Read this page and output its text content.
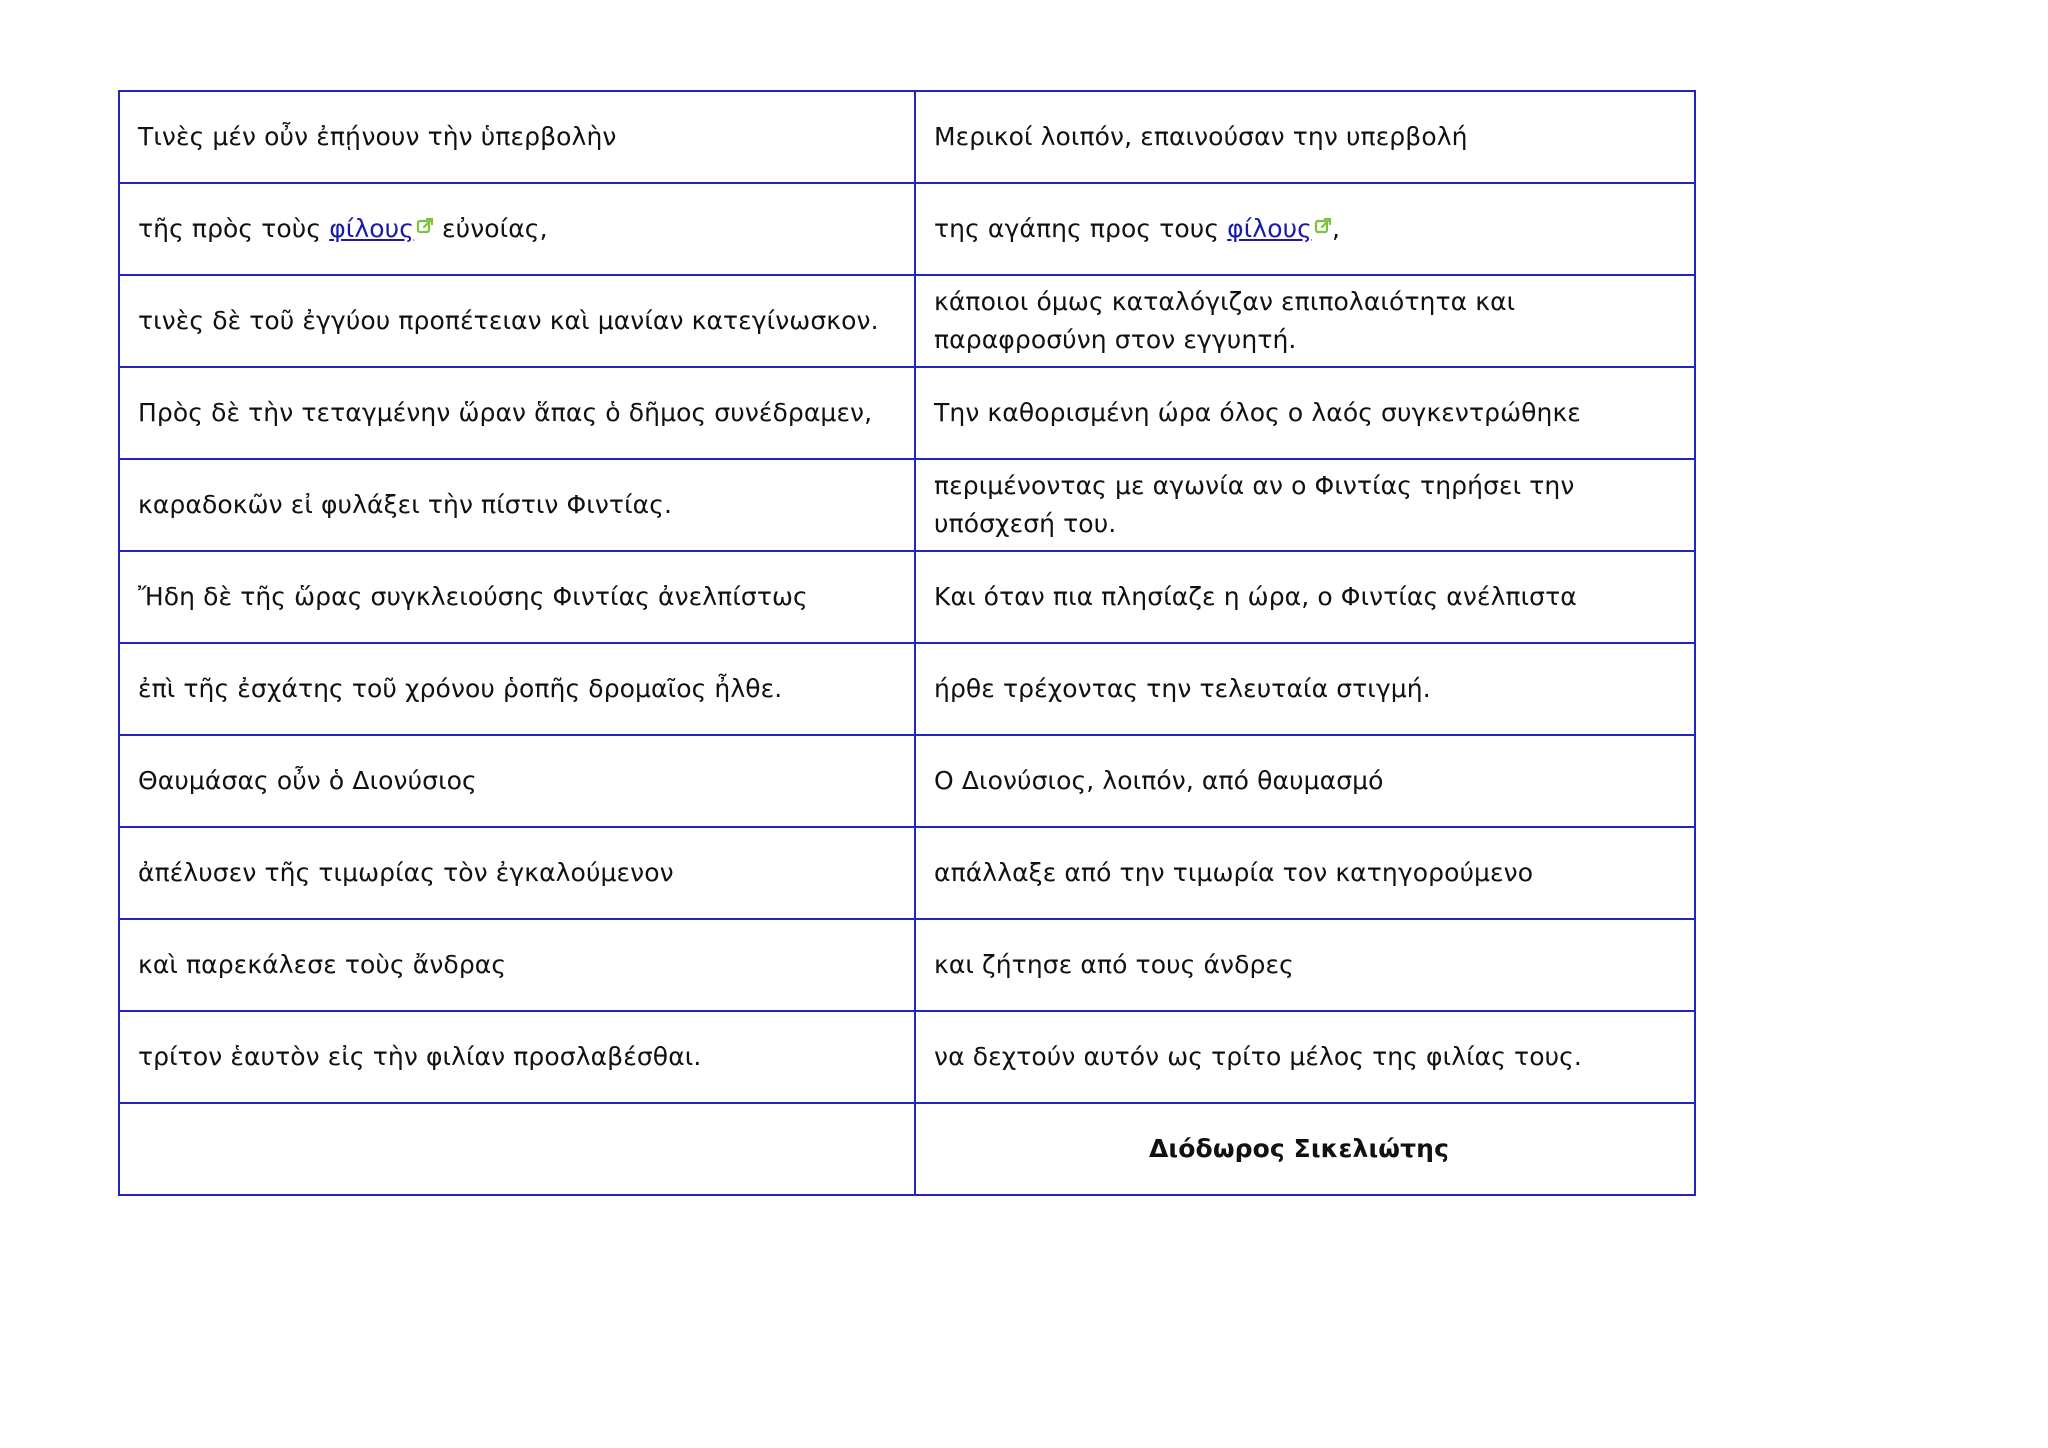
Τινὲς μέν οὖν ἐπῄνουν τὴν ὑπερβολὴν	Μερικοί λοιπόν, επαινούσαν την υπερβολή
τῆς πρὸς τοὺς φίλους εὐνοίας,	της αγάπης προς τους φίλους ,
τινὲς δὲ τοῦ ἐγγύου προπέτειαν καὶ μανίαν κατεγίνωσκον.	κάποιοι όμως καταλόγιζαν επιπολαιότητα και παραφροσύνη στον εγγυητή.
Πρὸς δὲ τὴν τεταγμένην ὥραν ἅπας ὁ δῆμος συνέδραμεν,	Την καθορισμένη ώρα όλος ο λαός συγκεντρώθηκε
καραδοκῶν εἰ φυλάξει τὴν πίστιν Φιντίας.	περιμένοντας με αγωνία αν ο Φιντίας τηρήσει την υπόσχεσή του.
Ἤδη δὲ τῆς ὥρας συγκλειούσης Φιντίας ἀνελπίστως	Και όταν πια πλησίαζε η ώρα, ο Φιντίας ανέλπιστα
ἐπὶ τῆς ἐσχάτης τοῦ χρόνου ῥοπῆς δρομαῖος ἦλθε.	ήρθε τρέχοντας την τελευταία στιγμή.
Θαυμάσας οὖν ὁ Διονύσιος	Ο Διονύσιος, λοιπόν, από θαυμασμό
ἀπέλυσεν τῆς τιμωρίας τὸν ἐγκαλούμενον	απάλλαξε από την τιμωρία τον κατηγορούμενο
καὶ παρεκάλεσε τοὺς ἄνδρας	και ζήτησε από τους άνδρες
τρίτον ἑαυτὸν εἰς τὴν φιλίαν προσλαβέσθαι.	να δεχτούν αυτόν ως τρίτο μέλος της φιλίας τους.
	Διόδωρος Σικελιώτης
